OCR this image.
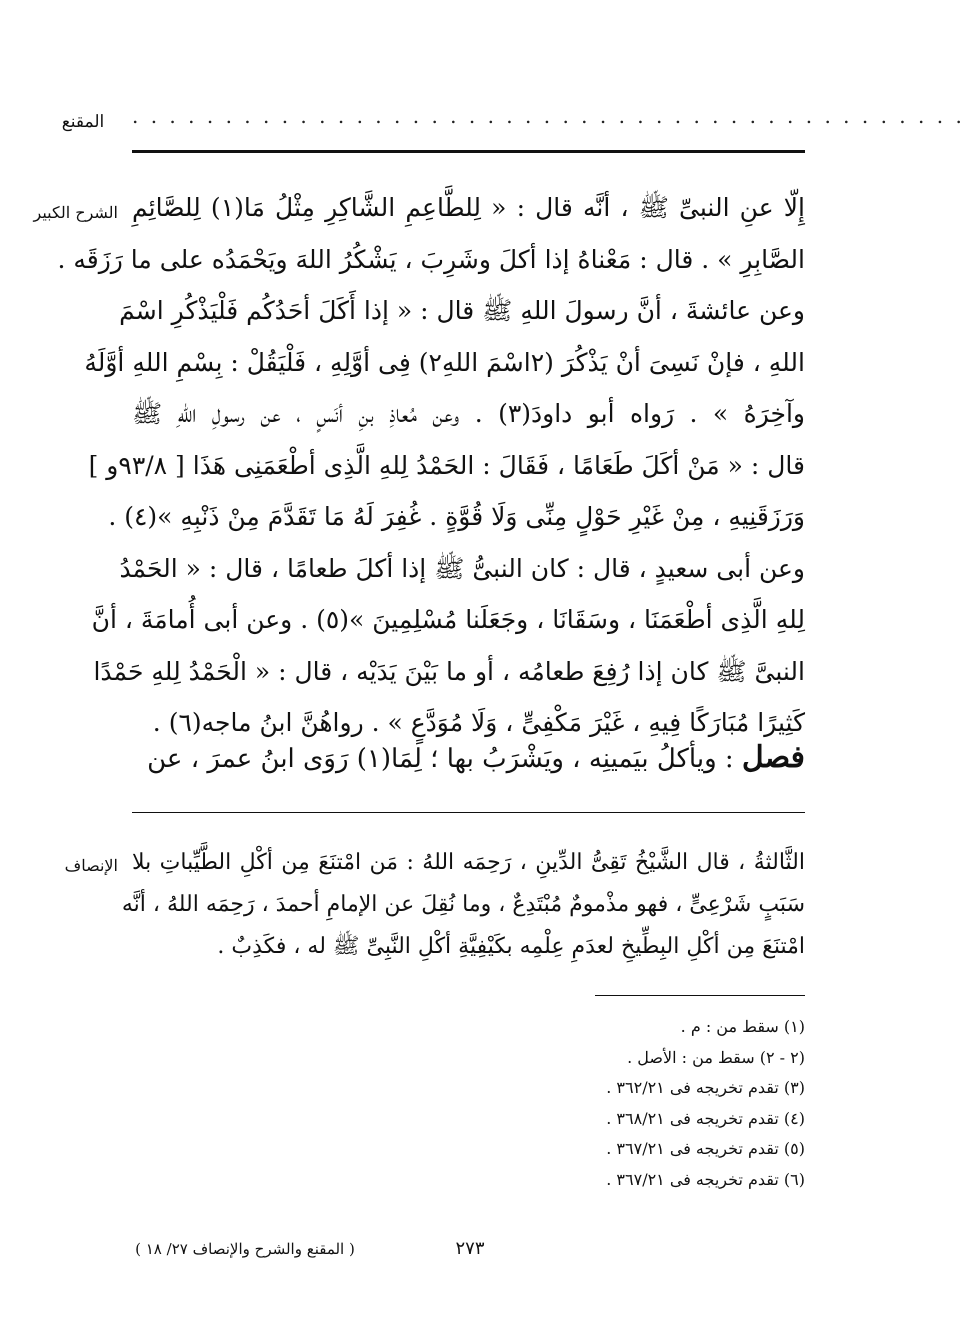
المقنع	. . . . . . . . . . . . . . . . . . . . . . . . . . . . . . . . . . . . . . . . . . . . .
الشرح الكبير إِلّا عنِ النبىِّ ﷺ ، أنَّه قال : « لِلطَّاعِمِ الشَّاكِرِ مِثْلُ مَا(١) لِلصَّائِمِ
الصَّابِرِ » . قال : مَعْناهُ إذا أكلَ وشَرِبَ ، يَشْكُرُ اللهَ ويَحْمَدُه على ما رَزَقَه .
وعن عائشةَ ، أنَّ رسولَ اللهِ ﷺ قال : « إذا أَكَلَ أحَدُكُم فَلْيَذْكُرِ اسْمَ
اللهِ ، فإنْ نَسِىَ أنْ يَذْكُرَ (٢اسْمَ اللهِ٢) فِى أوَّلِهِ ، فَلْيَقُلْ : بِسْمِ اللهِ أوَّلَهُ
وآخِرَهُ » . رَواه أبو داودَ(٣) . وعن مُعاذِ بنِ أنَسٍ ، عن رسولِ اللهِ ﷺ
قال : « مَنْ أكَلَ طَعَامًا ، فَقَالَ : الحَمْدُ لِلهِ الَّذِى أطْعَمَنِى هَذَا [ ٩٣/٨و ]
وَرَزَقَنِيهِ ، مِنْ غَيْرِ حَوْلٍ مِنِّى وَلَا قُوَّةٍ . غُفِرَ لَهُ مَا تَقَدَّمَ مِنْ ذَنْبِهِ »(٤) .
وعن أبى سعيدٍ ، قال : كان النبىُّ ﷺ إذا أكلَ طعامًا ، قال : « الحَمْدُ
لِلهِ الَّذِى أطْعَمَنَا ، وسَقَانَا ، وجَعَلَنا مُسْلِمِينَ »(٥) . وعن أبى أُمامَةَ ، أنَّ
النبىَّ ﷺ كان إذا رُفِعَ طعامُه ، أو ما بَيْنَ يَدَيْه ، قال : « الْحَمْدُ لِلهِ حَمْدًا
كَثِيرًا مُبَارَكًا فِيهِ ، غَيْرَ مَكْفِىٍّ ، وَلَا مُوَدَّعٍ » . رواهُنَّ ابنُ ماجه(٦) .
فصل : ويأكلُ بيَمينِه ، ويَشْرَبُ بها ؛ لِمَا(١) رَوَى ابنُ عمرَ ، عن
الإنصاف الثَّالثةُ ، قال الشَّيْخُ تَقِىُّ الدِّينِ ، رَحِمَه اللهُ : مَن امْتنَعَ مِن أكْلِ الطَّيِّباتِ بلا
سَبَبٍ شَرْعِىٍّ ، فهو مذْمومٌ مُبْتَدِعٌ ، وما نُقِلَ عن الإمامِ أحمدَ ، رَحِمَه اللهُ ، أنَّه
امْتنَعَ مِن أكْلِ البِطِّيخِ لعدَمِ عِلْمِه بكَيْفِيَّةِ أكْلِ النَّبِىِّ ﷺ له ، فكَذِبٌ .
(١) سقط من : م .
(٢ - ٢) سقط من : الأصل .
(٣) تقدم تخريجه فى ٣٦٢/٢١ .
(٤) تقدم تخريجه فى ٣٦٨/٢١ .
(٥) تقدم تخريجه فى ٣٦٧/٢١ .
(٦) تقدم تخريجه فى ٣٦٧/٢١ .
٢٧٣
( المقنع والشرح والإنصاف ٢٧/ ١٨ )
